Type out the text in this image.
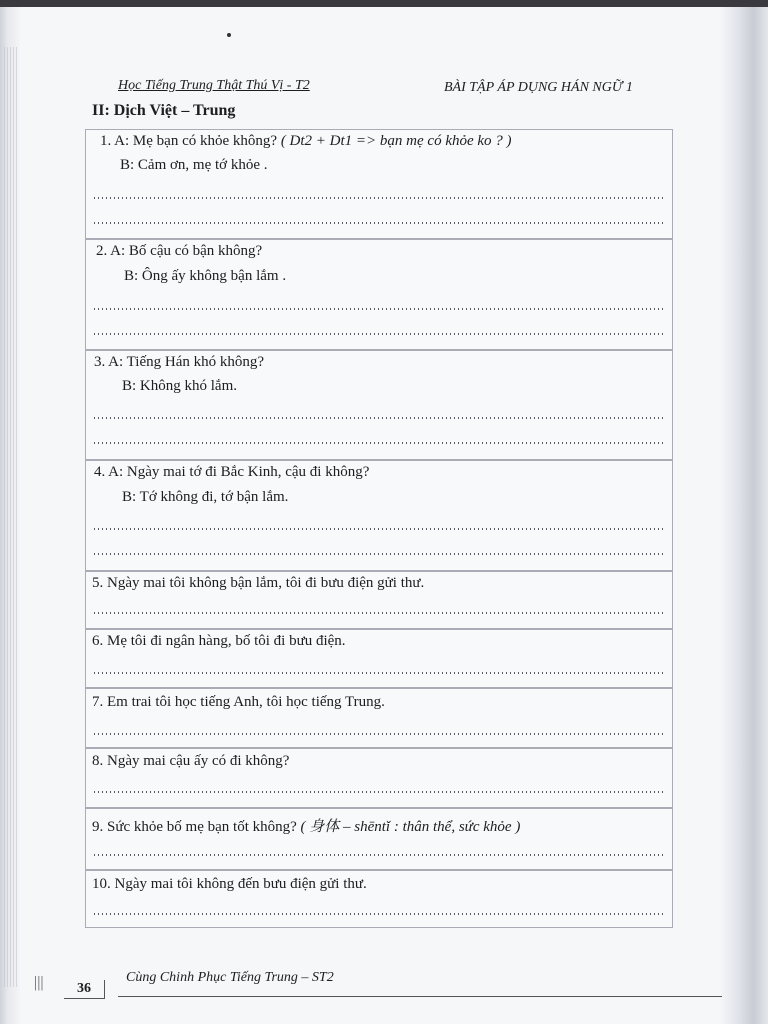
Học Tiếng Trung Thật Thú Vị - T2	BÀI TẬP ÁP DỤNG HÁN NGỮ 1
II: Dịch Việt – Trung
1. A: Mẹ bạn có khỏe không? ( Dt2 + Dt1 => bạn mẹ có khỏe ko ? )
B: Cảm ơn, mẹ tớ khỏe .
2. A: Bố cậu có bận không?
B: Ông ấy không bận lắm .
3. A: Tiếng Hán khó không?
B: Không khó lắm.
4. A: Ngày mai tớ đi Bắc Kinh, cậu đi không?
B: Tớ không đi, tớ bận lắm.
5. Ngày mai tôi không bận lắm, tôi đi bưu điện gửi thư.
6. Mẹ tôi đi ngân hàng, bố tôi đi bưu điện.
7. Em trai tôi học tiếng Anh, tôi học tiếng Trung.
8. Ngày mai cậu ấy có đi không?
9. Sức khỏe bố mẹ bạn tốt không? ( 身体 – shēntǐ : thân thể, sức khỏe )
10. Ngày mai tôi không đến bưu điện gửi thư.
|||	36
Cùng Chinh Phục Tiếng Trung – ST2
